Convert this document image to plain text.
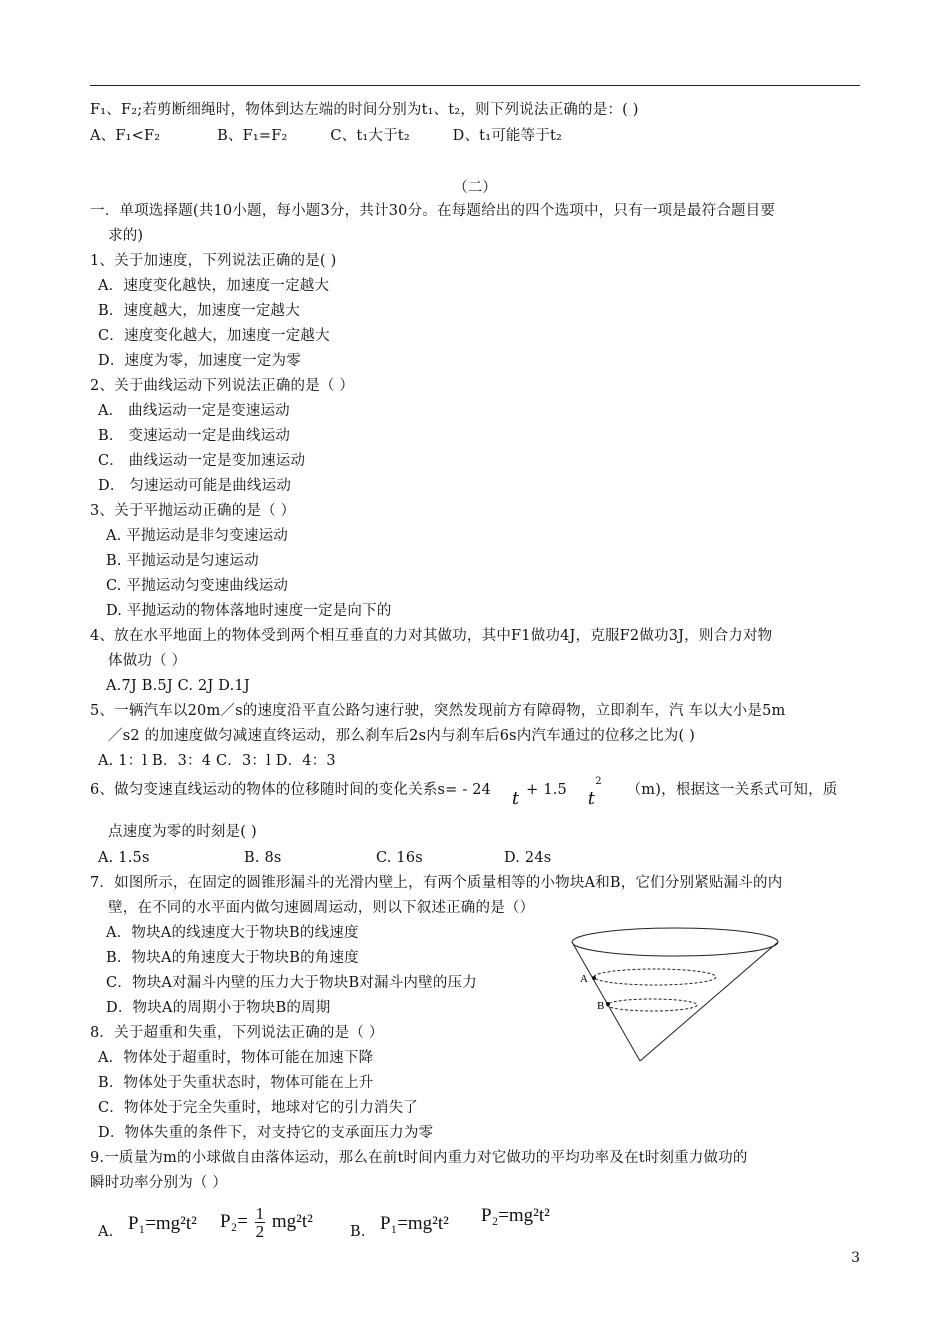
F₁、F₂;若剪断细绳时，物体到达左端的时间分别为t₁、t₂，则下列说法正确的是：( )
A、F₁<F₂	B、F₁=F₂	C、t₁大于t₂	D、t₁可能等于t₂
（二）
一．单项选择题(共10小题，每小题3分，共计30分。在每题给出的四个选项中，只有一项是最符合题目要
求的)
1、关于加速度，下列说法正确的是( )
A．速度变化越快，加速度一定越大
B．速度越大，加速度一定越大
C．速度变化越大，加速度一定越大
D．速度为零，加速度一定为零
2、关于曲线运动下列说法正确的是（ ）
A． 曲线运动一定是变速运动
B． 变速运动一定是曲线运动
C． 曲线运动一定是变加速运动
D． 匀速运动可能是曲线运动
3、关于平抛运动正确的是（ ）
A. 平抛运动是非匀变速运动
B. 平抛运动是匀速运动
C. 平抛运动匀变速曲线运动
D. 平抛运动的物体落地时速度一定是向下的
4、放在水平地面上的物体受到两个相互垂直的力对其做功，其中F1做功4J，克服F2做功3J，则合力对物
体做功（ ）
A.7J B.5J C. 2J D.1J
5、一辆汽车以20m／s的速度沿平直公路匀速行驶，突然发现前方有障碍物，立即刹车，汽 车以大小是5m
／s2 的加速度做匀减速直终运动，那么刹车后2s内与刹车后6s内汽车通过的位移之比为( )
A. 1：l B．3：4 C．3：l D．4：3
6、做匀变速直线运动的物体的位移随时间的变化关系s= - 24 t + 1.5 $t^2$ （m)，根据这一关系式可知，质
点速度为零的时刻是( )
A. 1.5s	B. 8s	C. 16s	D. 24s
7．如图所示，在固定的圆锥形漏斗的光滑内壁上，有两个质量相等的小物块A和B，它们分别紧贴漏斗的内
壁，在不同的水平面内做匀速圆周运动，则以下叙述正确的是（）
A．物块A的线速度大于物块B的线速度
B．物块A的角速度大于物块B的角速度
C．物块A对漏斗内壁的压力大于物块B对漏斗内壁的压力
D．物块A的周期小于物块B的周期
A
B
8．关于超重和失重，下列说法正确的是（ ）
A．物体处于超重时，物体可能在加速下降
B．物体处于失重状态时，物体可能在上升
C．物体处于完全失重时，地球对它的引力消失了
D．物体失重的条件下，对支持它的支承面压力为零
9.一质量为m的小球做自由落体运动，那么在前t时间内重力对它做功的平均功率及在t时刻重力做功的
瞬时功率分别为（ ）
A. P₁=mg²t² $P_2= \frac{1}{2} mg^2t^2$
B. P₁=mg²t² P₂=mg²t²
3
